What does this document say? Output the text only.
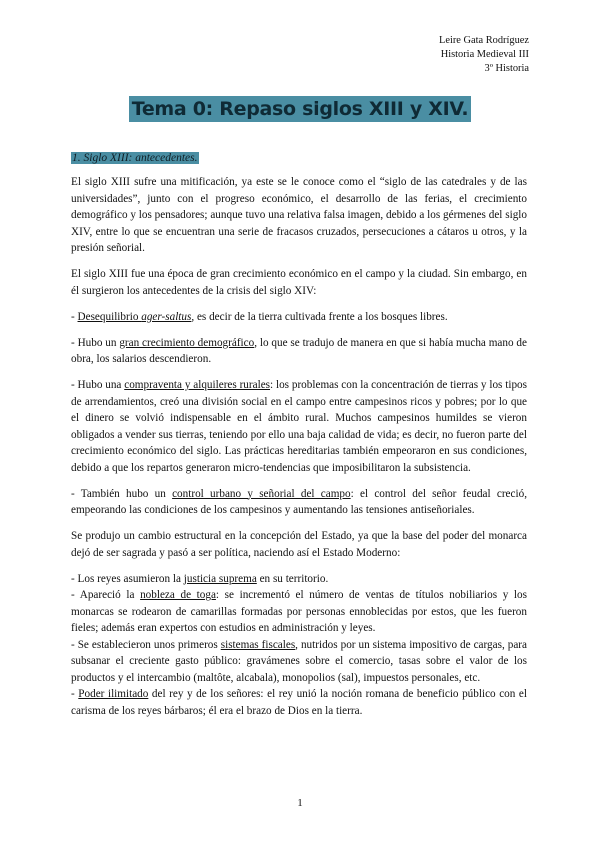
Leire Gata Rodríguez
Historia Medieval III
3º Historia
Tema 0: Repaso siglos XIII y XIV.
1. Siglo XIII: antecedentes.

El siglo XIII sufre una mitificación, ya este se le conoce como el “siglo de las catedrales y de las universidades”, junto con el progreso económico, el desarrollo de las ferias, el crecimiento demográfico y los pensadores; aunque tuvo una relativa falsa imagen, debido a los gérmenes del siglo XIV, entre lo que se encuentran una serie de fracasos cruzados, persecuciones a cátaros u otros, y la presión señorial.

El siglo XIII fue una época de gran crecimiento económico en el campo y la ciudad. Sin embargo, en él surgieron los antecedentes de la crisis del siglo XIV:

- Desequilibrio ager-saltus, es decir de la tierra cultivada frente a los bosques libres.

- Hubo un gran crecimiento demográfico, lo que se tradujo de manera en que si había mucha mano de obra, los salarios descendieron.

- Hubo una compraventa y alquileres rurales: los problemas con la concentración de tierras y los tipos de arrendamientos, creó una división social en el campo entre campesinos ricos y pobres; por lo que el dinero se volvió indispensable en el ámbito rural. Muchos campesinos humildes se vieron obligados a vender sus tierras, teniendo por ello una baja calidad de vida; es decir, no fueron parte del crecimiento económico del siglo. Las prácticas hereditarias también empeoraron en sus condiciones, debido a que los repartos generaron micro-tendencias que imposibilitaron la subsistencia.

- También hubo un control urbano y señorial del campo: el control del señor feudal creció, empeorando las condiciones de los campesinos y aumentando las tensiones antiseñoriales.

Se produjo un cambio estructural en la concepción del Estado, ya que la base del poder del monarca dejó de ser sagrada y pasó a ser política, naciendo así el Estado Moderno:

- Los reyes asumieron la justicia suprema en su territorio.

- Apareció la nobleza de toga: se incrementó el número de ventas de títulos nobiliarios y los monarcas se rodearon de camarillas formadas por personas ennoblecidas por estos, que les fueron fieles; además eran expertos con estudios en administración y leyes.

- Se establecieron unos primeros sistemas fiscales, nutridos por un sistema impositivo de cargas, para subsanar el creciente gasto público: gravámenes sobre el comercio, tasas sobre el valor de los productos y el intercambio (maltôte, alcabala), monopolios (sal), impuestos personales, etc.

- Poder ilimitado del rey y de los señores: el rey unió la noción romana de beneficio público con el carisma de los reyes bárbaros; él era el brazo de Dios en la tierra.

1
